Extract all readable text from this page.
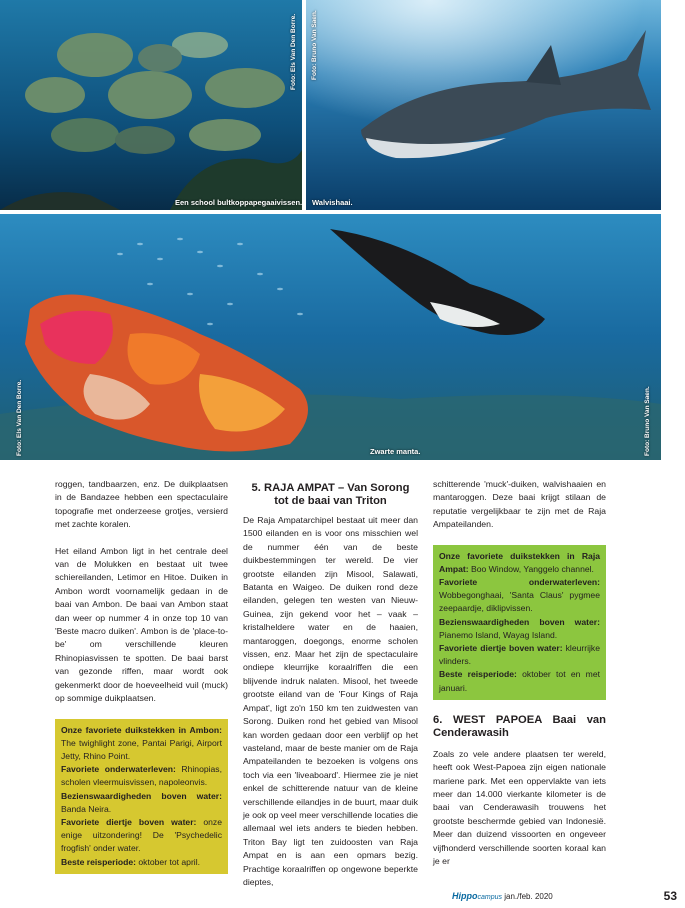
Een school bultkoppapegaaivissen.
Foto: Els Van Den Borre.
Walvishaai.
Foto: Bruno Van Saen.
Zwarte manta.
Foto: Els Van Den Borre.	Foto: Bruno Van Saen.

roggen, tandbaarzen, enz. De duikplaatsen in de Bandazee hebben een spectaculaire topografie met onderzeese grotjes, versierd met zachte koralen.

Het eiland Ambon ligt in het centrale deel van de Molukken en bestaat uit twee schiereilanden, Letimor en Hitoe. Duiken in Ambon wordt voornamelijk gedaan in de baai van Ambon. De baai van Ambon staat dan weer op nummer 4 in onze top 10 van 'Beste macro duiken'. Ambon is de 'place-to-be' om verschillende kleuren Rhinopiasvissen te spotten. De baai barst van gezonde riffen, maar wordt ook gekenmerkt door de hoeveelheid vuil (muck) op sommige duikplaatsen.

Onze favoriete duikstekken in Ambon: The twighlight zone, Pantai Parigi, Airport Jetty, Rhino Point.

Favoriete onderwaterleven: Rhinopias, scholen vleermuisvissen, napoleonvis.

Bezienswaardigheden boven water: Banda Neira.

Favoriete diertje boven water: onze enige uitzondering! De 'Psychedelic frogfish' onder water.

Beste reisperiode: oktober tot april.

5. RAJA AMPAT – Van Sorong tot de baai van Triton

De Raja Ampatarchipel bestaat uit meer dan 1500 eilanden en is voor ons misschien wel de nummer één van de beste duikbestemmingen ter wereld. De vier grootste eilanden zijn Misool, Salawati, Batanta en Waigeo. De duiken rond deze eilanden, gelegen ten westen van Nieuw-Guinea, zijn gekend voor het – vaak – kristalheldere water en de haaien, mantaroggen, doegongs, enorme scholen vissen, enz. Maar het zijn de spectaculaire ondiepe kleurrijke koraalriffen die een blijvende indruk nalaten. Misool, het tweede grootste eiland van de 'Four Kings of Raja Ampat', ligt zo'n 150 km ten zuidwesten van Sorong. Duiken rond het gebied van Misool kan worden gedaan door een verblijf op het vasteland, maar de beste manier om de Raja Ampateilanden te bezoeken is volgens ons toch via een 'liveaboard'. Hiermee zie je niet enkel de schitterende natuur van de kleine verschillende eilandjes in de buurt, maar duik je ook op veel meer verschillende locaties die allemaal wel iets anders te bieden hebben. Triton Bay ligt ten zuidoosten van Raja Ampat en is aan een opmars bezig. Prachtige koraalriffen op ongewone beperkte dieptes,

schitterende 'muck'-duiken, walvishaaien en mantaroggen. Deze baai krijgt stilaan de reputatie vergelijkbaar te zijn met de Raja Ampateilanden.

Onze favoriete duikstekken in Raja Ampat: Boo Window, Yanggelo channel.

Favoriete onderwaterleven: Wobbegonghaai, 'Santa Claus' pygmee zeepaardje, diklipvissen.

Bezienswaardigheden boven water: Pianemo Island, Wayag Island.

Favoriete diertje boven water: kleurrijke vlinders.

Beste reisperiode: oktober tot en met januari.

6. WEST PAPOEA Baai van Cenderawasih

Zoals zo vele andere plaatsen ter wereld, heeft ook West-Papoea zijn eigen nationale mariene park. Met een oppervlakte van iets meer dan 14.000 vierkante kilometer is de baai van Cenderawasih trouwens het grootste beschermde gebied van Indonesië. Meer dan duizend vissoorten en ongeveer vijfhonderd verschillende soorten koraal kan je er

Hippocampus jan./feb. 2020	53
